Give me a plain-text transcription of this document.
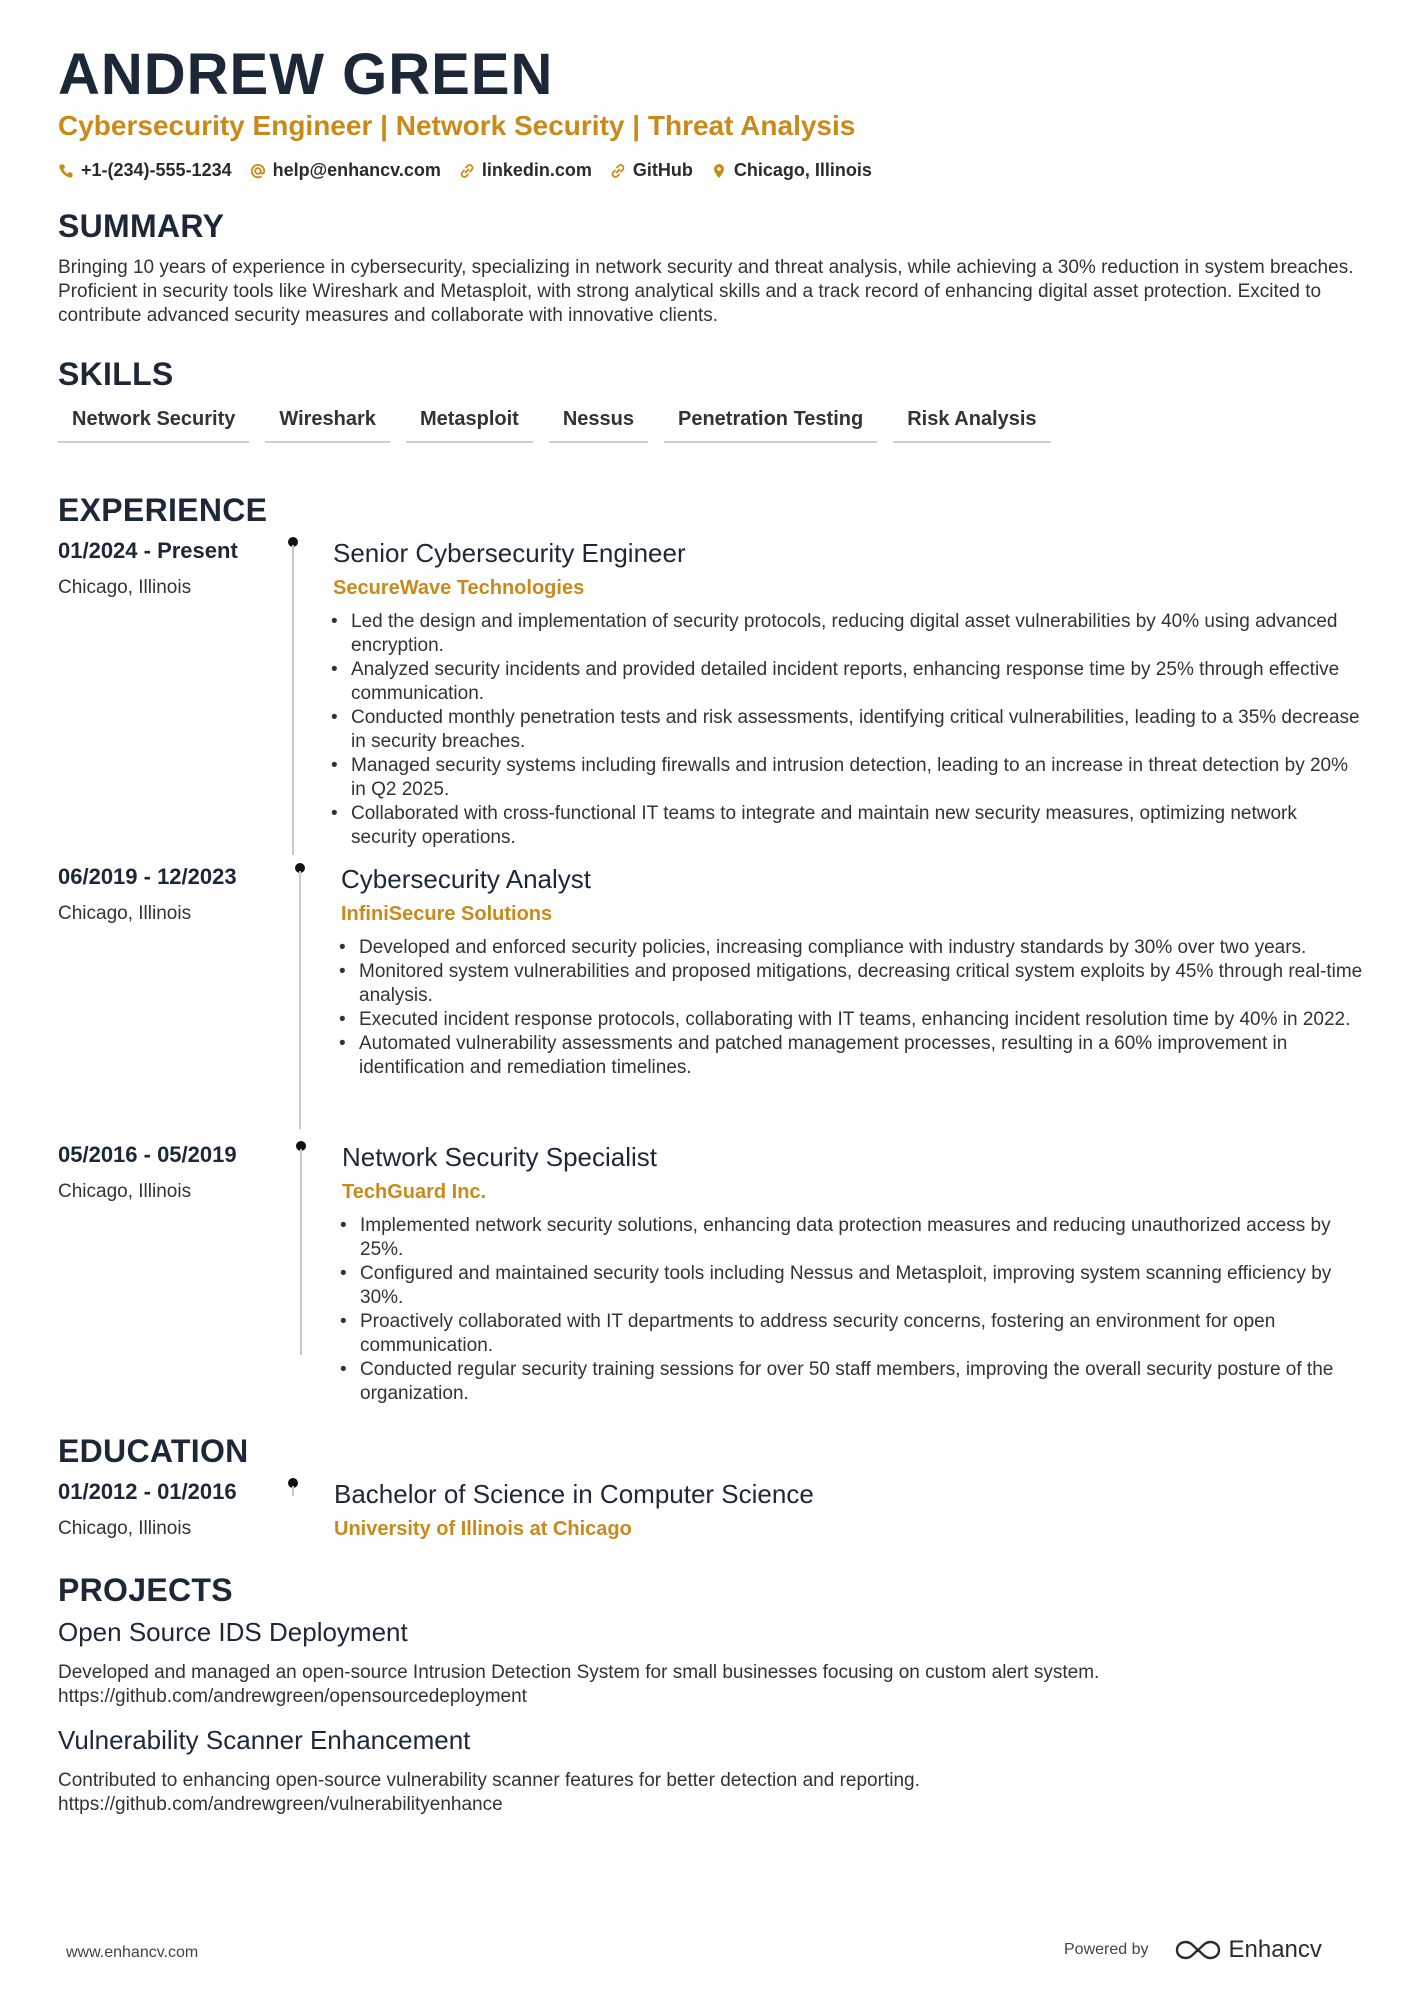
ANDREW GREEN
Cybersecurity Engineer | Network Security | Threat Analysis
+1-(234)-555-1234 help@enhancv.com linkedin.com GitHub Chicago, Illinois
SUMMARY

Bringing 10 years of experience in cybersecurity, specializing in network security and threat analysis, while achieving a 30% reduction in system breaches. Proficient in security tools like Wireshark and Metasploit, with strong analytical skills and a track record of enhancing digital asset protection. Excited to contribute advanced security measures and collaborate with innovative clients.

SKILLS
Network Security	Wireshark	Metasploit	Nessus	Penetration Testing	Risk Analysis
EXPERIENCE
01/2024 - Present
Chicago, Illinois
Senior Cybersecurity Engineer
SecureWave Technologies
• Led the design and implementation of security protocols, reducing digital asset vulnerabilities by 40% using advanced encryption.
• Analyzed security incidents and provided detailed incident reports, enhancing response time by 25% through effective communication.
• Conducted monthly penetration tests and risk assessments, identifying critical vulnerabilities, leading to a 35% decrease in security breaches.
• Managed security systems including firewalls and intrusion detection, leading to an increase in threat detection by 20% in Q2 2025.
• Collaborated with cross-functional IT teams to integrate and maintain new security measures, optimizing network security operations.
06/2019 - 12/2023
Chicago, Illinois
Cybersecurity Analyst
InfiniSecure Solutions
• Developed and enforced security policies, increasing compliance with industry standards by 30% over two years.
• Monitored system vulnerabilities and proposed mitigations, decreasing critical system exploits by 45% through real-time analysis.
• Executed incident response protocols, collaborating with IT teams, enhancing incident resolution time by 40% in 2022.
• Automated vulnerability assessments and patched management processes, resulting in a 60% improvement in identification and remediation timelines.
05/2016 - 05/2019
Chicago, Illinois
Network Security Specialist
TechGuard Inc.
• Implemented network security solutions, enhancing data protection measures and reducing unauthorized access by 25%.
• Configured and maintained security tools including Nessus and Metasploit, improving system scanning efficiency by 30%.
• Proactively collaborated with IT departments to address security concerns, fostering an environment for open communication.
• Conducted regular security training sessions for over 50 staff members, improving the overall security posture of the organization.
EDUCATION
01/2012 - 01/2016
Chicago, Illinois
Bachelor of Science in Computer Science
University of Illinois at Chicago
PROJECTS
Open Source IDS Deployment
Developed and managed an open-source Intrusion Detection System for small businesses focusing on custom alert system.
https://github.com/andrewgreen/opensourcedeployment
Vulnerability Scanner Enhancement
Contributed to enhancing open-source vulnerability scanner features for better detection and reporting.
https://github.com/andrewgreen/vulnerabilityenhance
www.enhancv.com	Powered by	Enhancv
